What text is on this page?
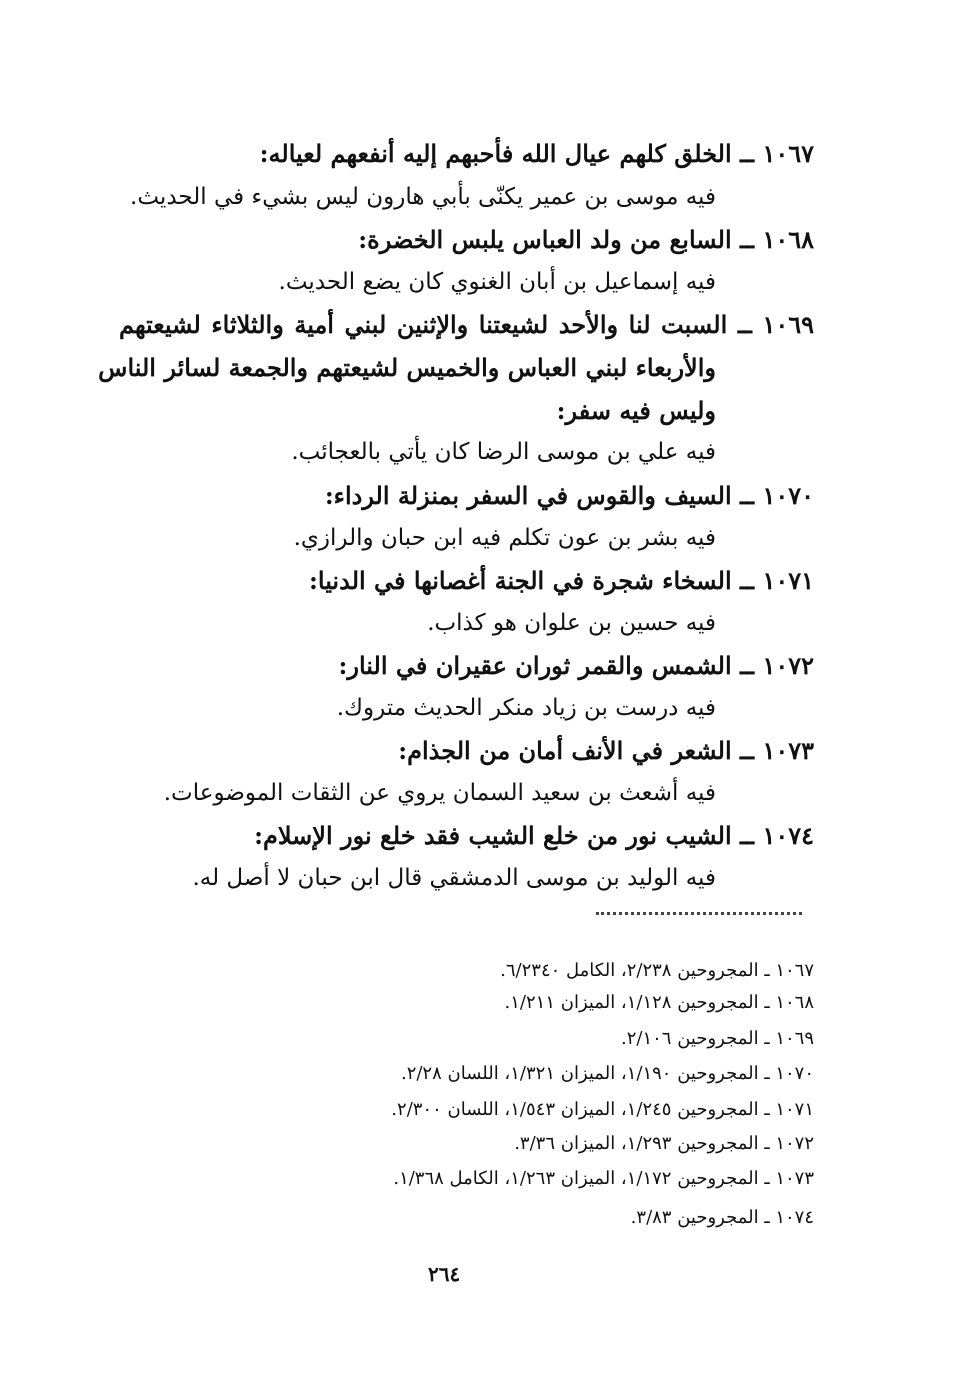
١٠٦٧ ــ الخلق كلهم عيال الله فأحبهم إليه أنفعهم لعياله:

فيه موسى بن عمير يكنّى بأبي هارون ليس بشيء في الحديث.

١٠٦٨ ــ السابع من ولد العباس يلبس الخضرة:

فيه إسماعيل بن أبان الغنوي كان يضع الحديث.

١٠٦٩ ــ السبت لنا والأحد لشيعتنا والإثنين لبني أمية والثلاثاء لشيعتهم

والأربعاء لبني العباس والخميس لشيعتهم والجمعة لسائر الناس

وليس فيه سفر:

فيه علي بن موسى الرضا كان يأتي بالعجائب.

١٠٧٠ ــ السيف والقوس في السفر بمنزلة الرداء:

فيه بشر بن عون تكلم فيه ابن حبان والرازي.

١٠٧١ ــ السخاء شجرة في الجنة أغصانها في الدنيا:

فيه حسين بن علوان هو كذاب.

١٠٧٢ ــ الشمس والقمر ثوران عقيران في النار:

فيه درست بن زياد منكر الحديث متروك.

١٠٧٣ ــ الشعر في الأنف أمان من الجذام:

فيه أشعث بن سعيد السمان يروي عن الثقات الموضوعات.

١٠٧٤ ــ الشيب نور من خلع الشيب فقد خلع نور الإسلام:

فيه الوليد بن موسى الدمشقي قال ابن حبان لا أصل له.

١٠٦٧ ـ المجروحين ٢/٢٣٨، الكامل ٦/٢٣٤٠.

١٠٦٨ ـ المجروحين ١/١٢٨، الميزان ١/٢١١.

١٠٦٩ ـ المجروحين ٢/١٠٦.

١٠٧٠ ـ المجروحين ١/١٩٠، الميزان ١/٣٢١، اللسان ٢/٢٨.

١٠٧١ ـ المجروحين ١/٢٤٥، الميزان ١/٥٤٣، اللسان ٢/٣٠٠.

١٠٧٢ ـ المجروحين ١/٢٩٣، الميزان ٣/٣٦.

١٠٧٣ ـ المجروحين ١/١٧٢، الميزان ١/٢٦٣، الكامل ١/٣٦٨.

١٠٧٤ ـ المجروحين ٣/٨٣.

٢٦٤
